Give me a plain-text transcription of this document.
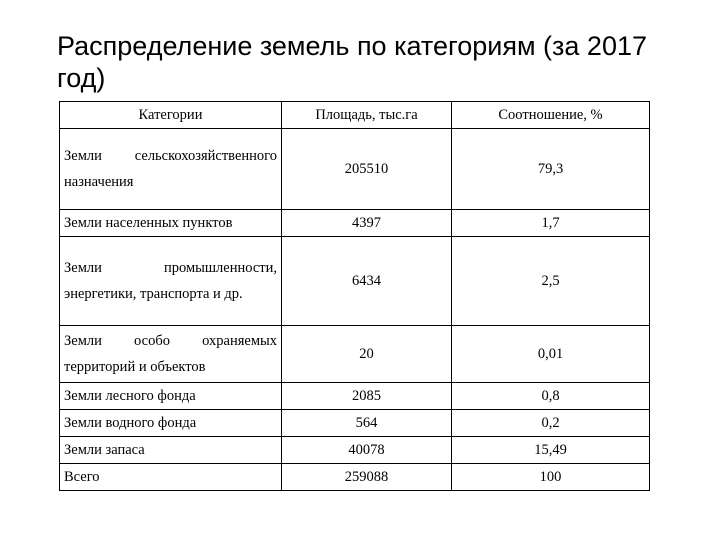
Распределение земель по категориям (за 2017 год)
Категории	Площадь, тыс.га	Соотношение, %
Земли сельскохозяйственного назначения	205510	79,3
Земли населенных пунктов	4397	1,7
Земли промышленности, энергетики, транспорта и др.	6434	2,5
Земли особо охраняемых территорий и объектов	20	0,01
Земли лесного фонда	2085	0,8
Земли водного фонда	564	0,2
Земли запаса	40078	15,49
Всего	259088	100
